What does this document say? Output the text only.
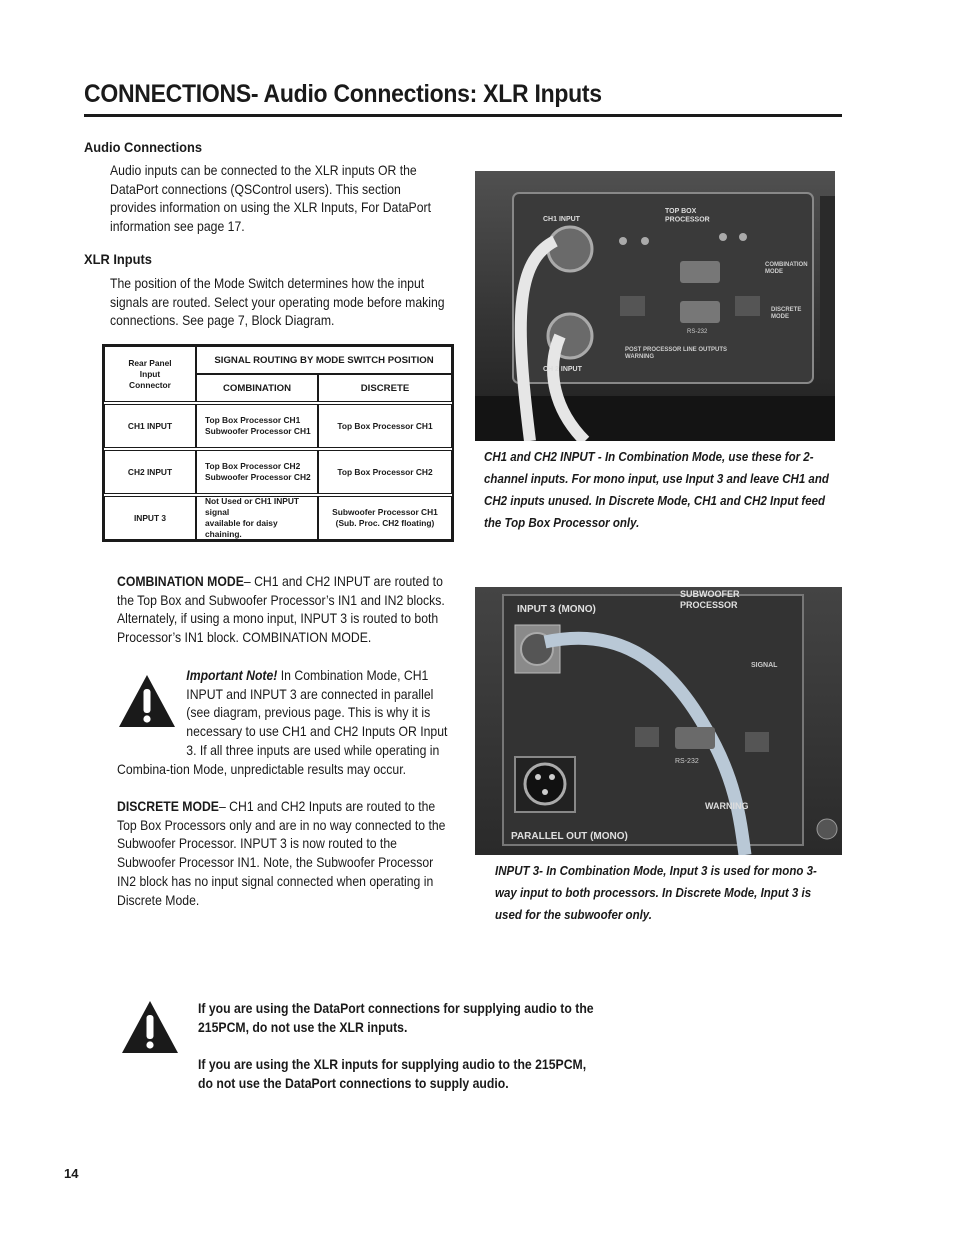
CONNECTIONS- Audio Connections: XLR Inputs
Audio Connections
Audio inputs can be connected to the XLR inputs OR the DataPort connections (QSControl users). This section provides information on using the XLR Inputs, For DataPort information see page 17.
XLR Inputs
The position of the Mode Switch determines how the input signals are routed. Select your operating mode before making connections. See page 7, Block Diagram.
Rear Panel
Input
Connector
SIGNAL ROUTING BY MODE SWITCH POSITION
COMBINATION	DISCRETE
CH1 INPUT
Top Box Processor CH1
Subwoofer Processor CH1
Top Box Processor CH1
CH2 INPUT
Top Box Processor CH2
Subwoofer Processor CH2
Top Box Processor CH2
INPUT 3
Not Used or CH1 INPUT signal
available for daisy chaining.
Subwoofer Processor CH1
(Sub. Proc. CH2 floating)
CH1 INPUT
TOP BOX PROCESSOR
COMBINATION MODE
DISCRETE MODE
CH 2 INPUT
POST PROCESSOR LINE OUTPUTS WARNING
RS-232
CH1 and CH2 INPUT - In Combination Mode, use these for 2-channel inputs. For mono input, use Input 3 and leave CH1 and CH2 inputs unused. In Discrete Mode, CH1 and CH2 Input feed the Top Box Processor only.
COMBINATION MODE– CH1 and CH2 INPUT are routed to the Top Box and Subwoofer Processor’s IN1 and IN2 blocks. Alternately, if using a mono input, INPUT 3 is routed to both Processor’s IN1 block. COMBINATION MODE.
Important Note! In Combination Mode, CH1 INPUT and INPUT 3 are connected in parallel (see diagram, previous page. This is why it is necessary to use CH1 and CH2 Inputs OR Input 3. If all three inputs are used while operating in Combina-tion Mode, unpredictable results may occur.
DISCRETE MODE– CH1 and CH2 Inputs are routed to the Top Box Processors only and are in no way connected to the Subwoofer Processor. INPUT 3 is now routed to the Subwoofer Processor IN1. Note, the Subwoofer Processor IN2 block has no input signal connected when operating in Discrete Mode.
INPUT 3 (MONO)
SUBWOOFER PROCESSOR
SIGNAL
RS-232
WARNING
PARALLEL OUT (MONO)
INPUT 3- In Combination Mode, Input 3 is used for mono 3-way input to both processors. In Discrete Mode, Input 3 is used for the subwoofer only.
If you are using the DataPort connections for supplying audio to the 215PCM, do not use the XLR inputs.
If you are using the XLR inputs for supplying audio to the 215PCM, do not use the DataPort connections to supply audio.
14
